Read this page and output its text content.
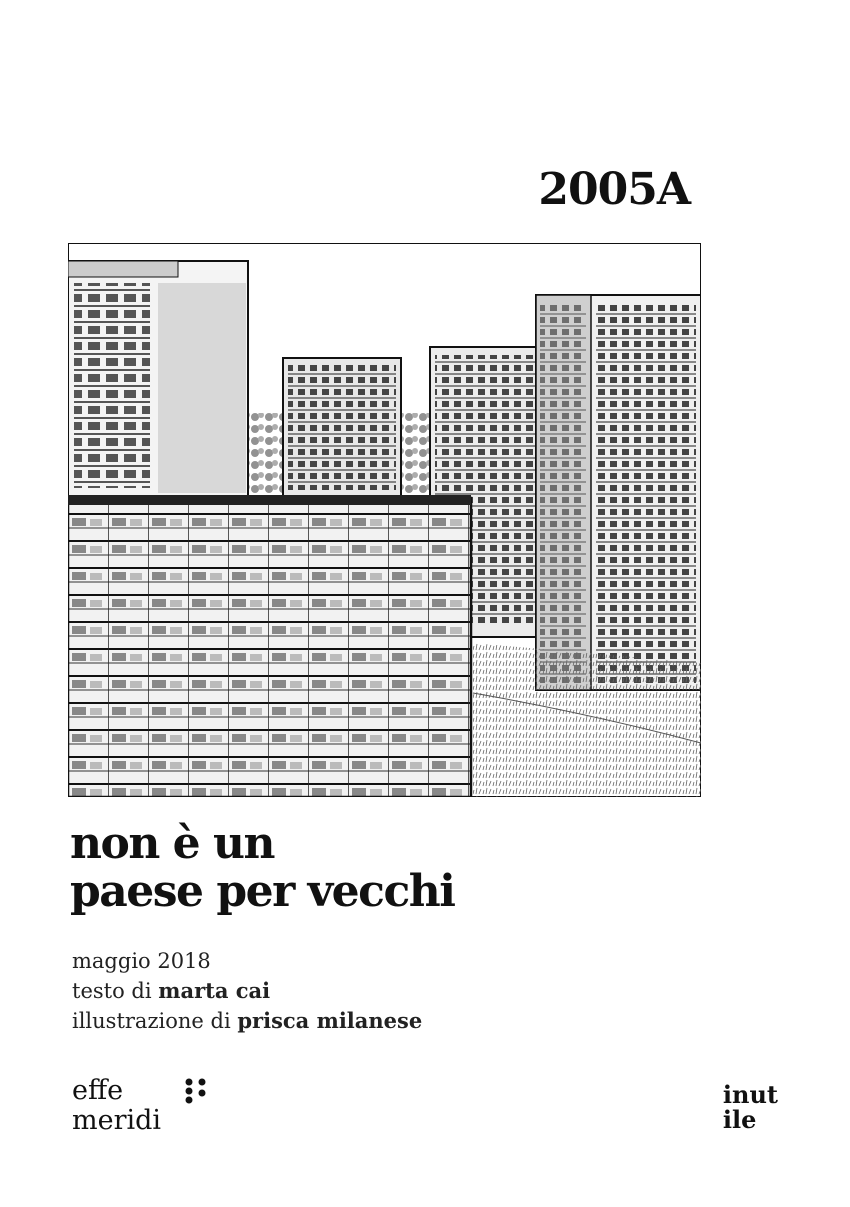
2005A
non è un
paese per vecchi
maggio 2018
testo di marta cai
illustrazione di prisca milanese
effe
meridi
inut
ile
